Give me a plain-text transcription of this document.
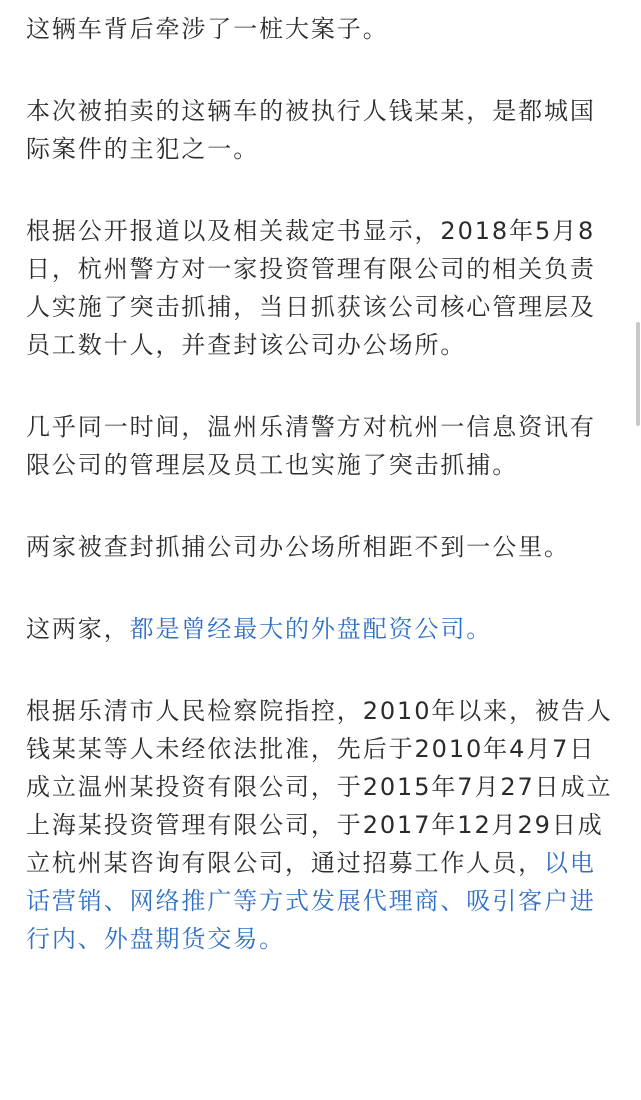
这辆车背后牵涉了一桩大案子。

本次被拍卖的这辆车的被执行人钱某某，是都城国际案件的主犯之一。

根据公开报道以及相关裁定书显示，2018年5月8日，杭州警方对一家投资管理有限公司的相关负责人实施了突击抓捕，当日抓获该公司核心管理层及员工数十人，并查封该公司办公场所。

几乎同一时间，温州乐清警方对杭州一信息资讯有限公司的管理层及员工也实施了突击抓捕。

两家被查封抓捕公司办公场所相距不到一公里。

这两家，都是曾经最大的外盘配资公司。

根据乐清市人民检察院指控，2010年以来，被告人钱某某等人未经依法批准，先后于2010年4月7日成立温州某投资有限公司，于2015年7月27日成立上海某投资管理有限公司，于2017年12月29日成立杭州某咨询有限公司，通过招募工作人员，以电话营销、网络推广等方式发展代理商、吸引客户进行内、外盘期货交易。
